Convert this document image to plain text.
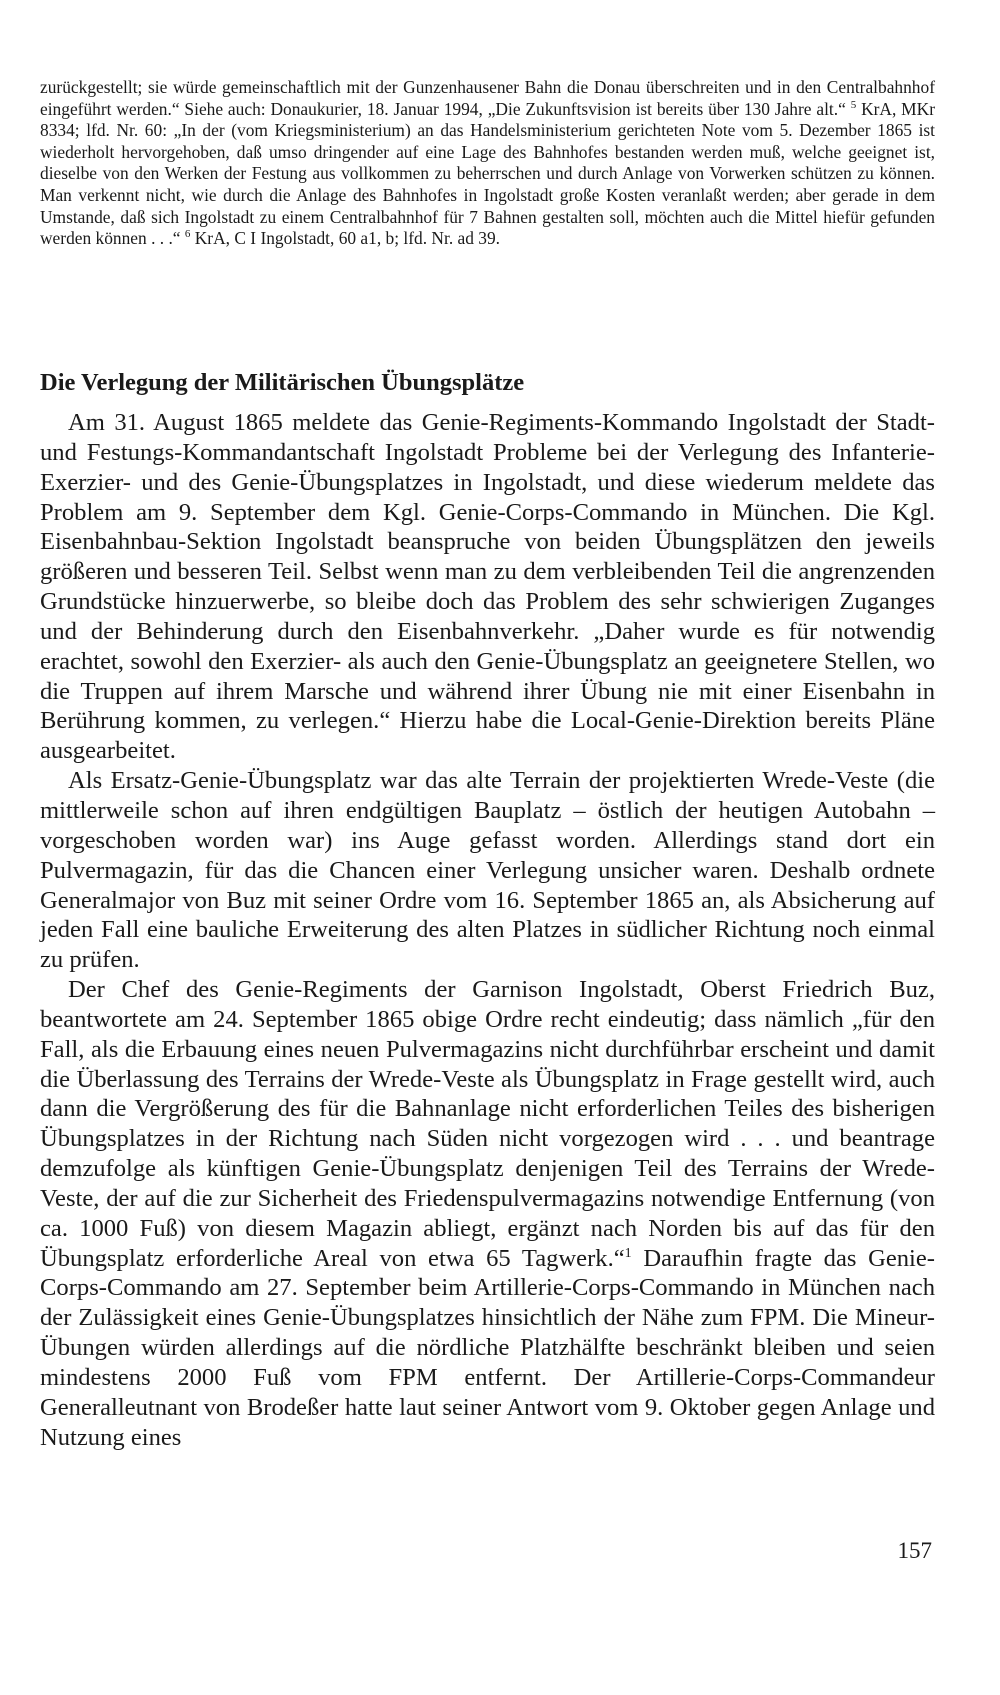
zurückgestellt; sie würde gemeinschaftlich mit der Gunzenhausener Bahn die Donau überschreiten und in den Centralbahnhof eingeführt werden.“ Siehe auch: Donaukurier, 18. Januar 1994, „Die Zukunftsvision ist bereits über 130 Jahre alt.“ $^5$ KrA, MKr 8334; lfd. Nr. 60: „In der (vom Kriegsministerium) an das Handelsministerium gerichteten Note vom 5. Dezember 1865 ist wiederholt hervorgehoben, daß umso dringender auf eine Lage des Bahnhofes bestanden werden muß, welche geeignet ist, dieselbe von den Werken der Festung aus vollkommen zu beherrschen und durch Anlage von Vorwerken schützen zu können. Man verkennt nicht, wie durch die Anlage des Bahnhofes in Ingolstadt große Kosten veranlaßt werden; aber gerade in dem Umstande, daß sich Ingolstadt zu einem Centralbahnhof für 7 Bahnen gestalten soll, möchten auch die Mittel hiefür gefunden werden können . . .“ $^6$ KrA, C I Ingolstadt, 60 a1, b; lfd. Nr. ad 39.
Die Verlegung der Militärischen Übungsplätze

Am 31. August 1865 meldete das Genie-Regiments-Kommando Ingolstadt der Stadt- und Festungs-Kommandantschaft Ingolstadt Probleme bei der Verlegung des Infanterie-Exerzier- und des Genie-Übungsplatzes in Ingolstadt, und diese wiederum meldete das Problem am 9. September dem Kgl. Genie-Corps-Commando in München. Die Kgl. Eisenbahnbau-Sektion Ingolstadt beanspruche von beiden Übungsplätzen den jeweils größeren und besseren Teil. Selbst wenn man zu dem verbleibenden Teil die angrenzenden Grundstücke hinzuerwerbe, so bleibe doch das Problem des sehr schwierigen Zuganges und der Behinderung durch den Eisenbahnverkehr. „Daher wurde es für notwendig erachtet, sowohl den Exerzier- als auch den Genie-Übungsplatz an geeignetere Stellen, wo die Truppen auf ihrem Marsche und während ihrer Übung nie mit einer Eisenbahn in Berührung kommen, zu verlegen.“ Hierzu habe die Local-Genie-Direktion bereits Pläne ausgearbeitet.

Als Ersatz-Genie-Übungsplatz war das alte Terrain der projektierten Wrede-Veste (die mittlerweile schon auf ihren endgültigen Bauplatz – östlich der heutigen Autobahn – vorgeschoben worden war) ins Auge gefasst worden. Allerdings stand dort ein Pulvermagazin, für das die Chancen einer Verlegung unsicher waren. Deshalb ordnete Generalmajor von Buz mit seiner Ordre vom 16. September 1865 an, als Absicherung auf jeden Fall eine bauliche Erweiterung des alten Platzes in südlicher Richtung noch einmal zu prüfen.

Der Chef des Genie-Regiments der Garnison Ingolstadt, Oberst Friedrich Buz, beantwortete am 24. September 1865 obige Ordre recht eindeutig; dass nämlich „für den Fall, als die Erbauung eines neuen Pulvermagazins nicht durchführbar erscheint und damit die Überlassung des Terrains der Wrede-Veste als Übungsplatz in Frage gestellt wird, auch dann die Vergrößerung des für die Bahnanlage nicht erforderlichen Teiles des bisherigen Übungsplatzes in der Richtung nach Süden nicht vorgezogen wird . . . und beantrage demzufolge als künftigen Genie-Übungsplatz denjenigen Teil des Terrains der Wrede-Veste, der auf die zur Sicherheit des Friedenspulvermagazins notwendige Entfernung (von ca. 1000 Fuß) von diesem Magazin abliegt, ergänzt nach Norden bis auf das für den Übungsplatz erforderliche Areal von etwa 65 Tagwerk.“$^1$ Daraufhin fragte das Genie-Corps-Commando am 27. September beim Artillerie-Corps-Commando in München nach der Zulässigkeit eines Genie-Übungsplatzes hinsichtlich der Nähe zum FPM. Die Mineur-Übungen würden allerdings auf die nördliche Platzhälfte beschränkt bleiben und seien mindestens 2000 Fuß vom FPM entfernt. Der Artillerie-Corps-Commandeur Generalleutnant von Brodeßer hatte laut seiner Antwort vom 9. Oktober gegen Anlage und Nutzung eines

157
